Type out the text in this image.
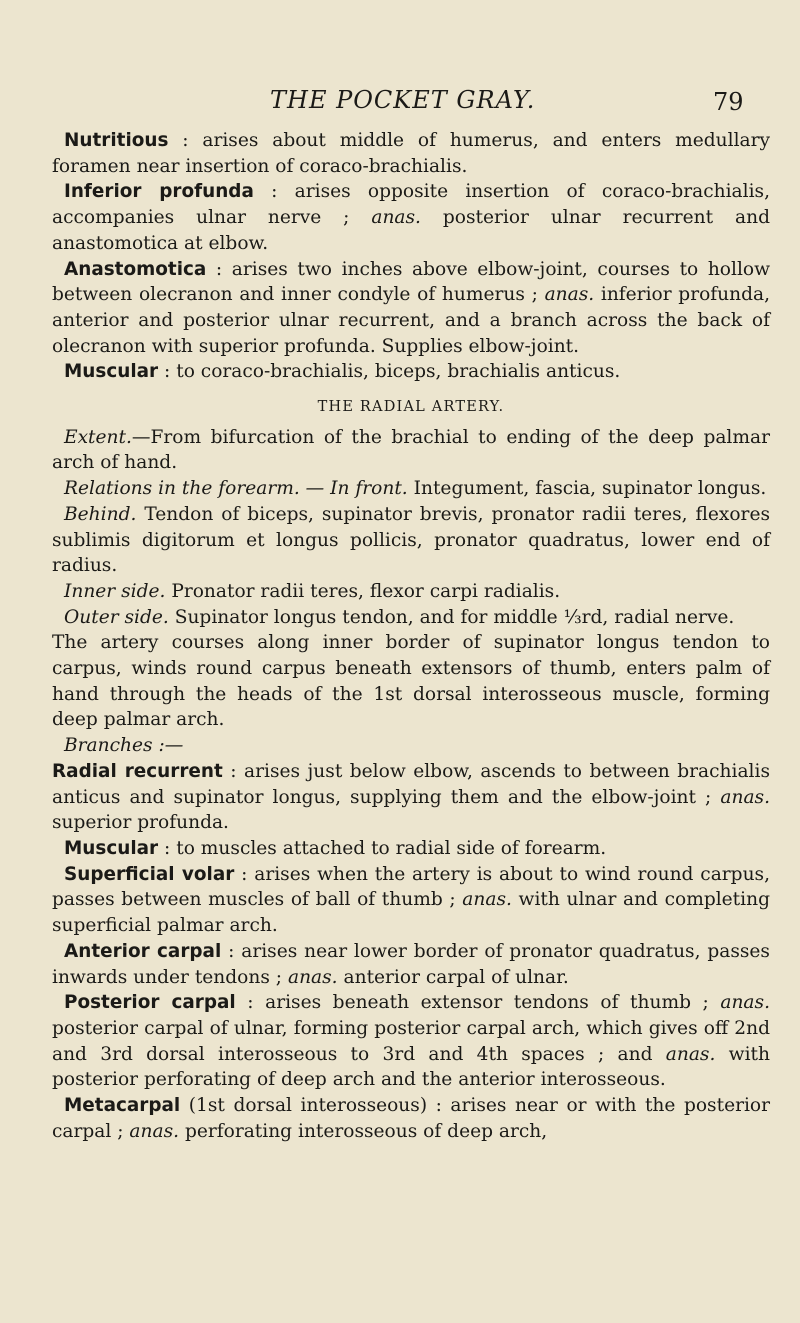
THE POCKET GRAY.	79

Nutritious : arises about middle of humerus, and enters medullary foramen near insertion of coraco-brachialis.

Inferior profunda : arises opposite insertion of coraco-brachialis, accompanies ulnar nerve ; anas. posterior ulnar recurrent and anastomotica at elbow.

Anastomotica : arises two inches above elbow-joint, courses to hollow between olecranon and inner condyle of humerus ; anas. inferior profunda, anterior and posterior ulnar recurrent, and a branch across the back of olecranon with superior profunda. Supplies elbow-joint.

Muscular : to coraco-brachialis, biceps, brachialis anticus.

THE RADIAL ARTERY.

Extent.—From bifurcation of the brachial to ending of the deep palmar arch of hand.

Relations in the forearm. — In front. Integument, fascia, supinator longus.

Behind. Tendon of biceps, supinator brevis, pronator radii teres, flexores sublimis digitorum et longus pollicis, pronator quadratus, lower end of radius.

Inner side. Pronator radii teres, flexor carpi radialis.

Outer side. Supinator longus tendon, and for middle ⅓rd, radial nerve.

The artery courses along inner border of supinator longus tendon to carpus, winds round carpus beneath extensors of thumb, enters palm of hand through the heads of the 1st dorsal interosseous muscle, forming deep palmar arch.

Branches :—

Radial recurrent : arises just below elbow, ascends to between brachialis anticus and supinator longus, supplying them and the elbow-joint ; anas. superior profunda.

Muscular : to muscles attached to radial side of forearm.

Superficial volar : arises when the artery is about to wind round carpus, passes between muscles of ball of thumb ; anas. with ulnar and completing superficial palmar arch.

Anterior carpal : arises near lower border of pronator quadratus, passes inwards under tendons ; anas. anterior carpal of ulnar.

Posterior carpal : arises beneath extensor tendons of thumb ; anas. posterior carpal of ulnar, forming posterior carpal arch, which gives off 2nd and 3rd dorsal interosseous to 3rd and 4th spaces ; and anas. with posterior perforating of deep arch and the anterior interosseous.

Metacarpal (1st dorsal interosseous) : arises near or with the posterior carpal ; anas. perforating interosseous of deep arch,
